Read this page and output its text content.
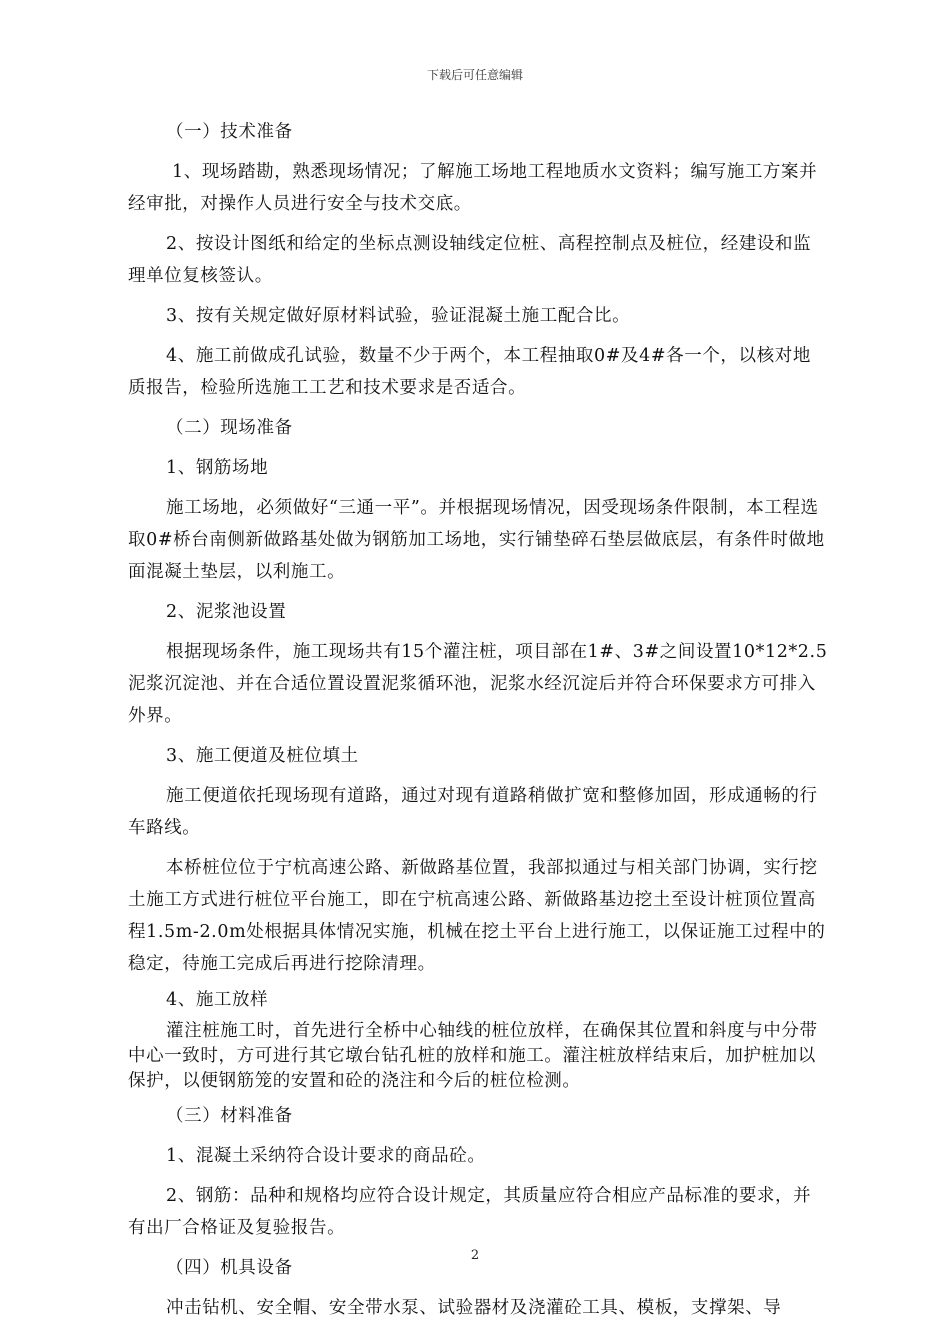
下载后可任意编辑

（一）技术准备

1、现场踏勘，熟悉现场情况；了解施工场地工程地质水文资料；编写施工方案并经审批，对操作人员进行安全与技术交底。

2、按设计图纸和给定的坐标点测设轴线定位桩、高程控制点及桩位，经建设和监理单位复核签认。

3、按有关规定做好原材料试验，验证混凝土施工配合比。

4、施工前做成孔试验，数量不少于两个，本工程抽取0#及4#各一个，以核对地质报告，检验所选施工工艺和技术要求是否适合。

（二）现场准备

1、钢筋场地

施工场地，必须做好“三通一平”。并根据现场情况，因受现场条件限制，本工程选取0#桥台南侧新做路基处做为钢筋加工场地，实行铺垫碎石垫层做底层，有条件时做地面混凝土垫层，以利施工。

2、泥浆池设置

根据现场条件，施工现场共有15个灌注桩，项目部在1#、3#之间设置10*12*2.5泥浆沉淀池、并在合适位置设置泥浆循环池，泥浆水经沉淀后并符合环保要求方可排入外界。

3、施工便道及桩位填土

施工便道依托现场现有道路，通过对现有道路稍做扩宽和整修加固，形成通畅的行车路线。

本桥桩位位于宁杭高速公路、新做路基位置，我部拟通过与相关部门协调，实行挖土施工方式进行桩位平台施工，即在宁杭高速公路、新做路基边挖土至设计桩顶位置高程1.5m-2.0m处根据具体情况实施，机械在挖土平台上进行施工，以保证施工过程中的稳定，待施工完成后再进行挖除清理。

4、施工放样

灌注桩施工时，首先进行全桥中心轴线的桩位放样，在确保其位置和斜度与中分带中心一致时，方可进行其它墩台钻孔桩的放样和施工。灌注桩放样结束后，加护桩加以保护，以便钢筋笼的安置和砼的浇注和今后的桩位检测。

（三）材料准备

1、混凝土采纳符合设计要求的商品砼。

2、钢筋：品种和规格均应符合设计规定，其质量应符合相应产品标准的要求，并有出厂合格证及复验报告。

（四）机具设备

冲击钻机、安全帽、安全带水泵、试验器材及浇灌砼工具、模板，支撑架、导

2
